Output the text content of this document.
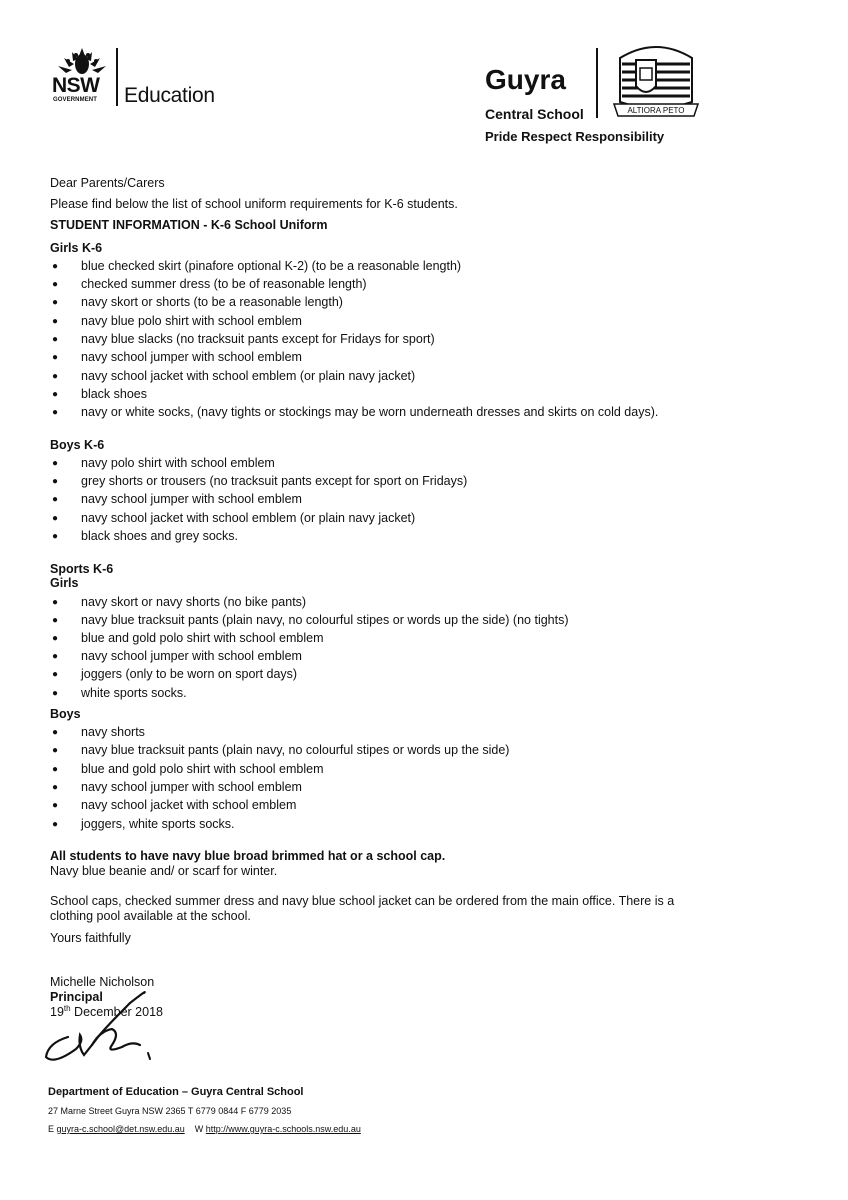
NSW
GOVERNMENT Education
Guyra
Central School	ALTIORA PETO
Pride Respect Responsibility
Dear Parents/Carers
Please find below the list of school uniform requirements for K-6 students.
STUDENT INFORMATION - K-6 School Uniform
Girls K-6
● blue checked skirt (pinafore optional K-2) (to be a reasonable length)
● checked summer dress (to be of reasonable length)
● navy skort or shorts (to be a reasonable length)
● navy blue polo shirt with school emblem
● navy blue slacks (no tracksuit pants except for Fridays for sport)
● navy school jumper with school emblem
● navy school jacket with school emblem (or plain navy jacket)
● black shoes
● navy or white socks, (navy tights or stockings may be worn underneath dresses and skirts on cold days).
Boys K-6
● navy polo shirt with school emblem
● grey shorts or trousers (no tracksuit pants except for sport on Fridays)
● navy school jumper with school emblem
● navy school jacket with school emblem (or plain navy jacket)
● black shoes and grey socks.
Sports K-6
Girls
● navy skort or navy shorts (no bike pants)
● navy blue tracksuit pants (plain navy, no colourful stipes or words up the side) (no tights)
● blue and gold polo shirt with school emblem
● navy school jumper with school emblem
● joggers (only to be worn on sport days)
● white sports socks.
Boys
● navy shorts
● navy blue tracksuit pants (plain navy, no colourful stipes or words up the side)
● blue and gold polo shirt with school emblem
● navy school jumper with school emblem
● navy school jacket with school emblem
● joggers, white sports socks.
All students to have navy blue broad brimmed hat or a school cap.
Navy blue beanie and/ or scarf for winter.
School caps, checked summer dress and navy blue school jacket can be ordered from the main office. There is a
clothing pool available at the school.
Yours faithfully
Michelle Nicholson
Principal
19th December 2018
Department of Education – Guyra Central School
27 Marne Street Guyra NSW 2365 T 6779 0844 F 6779 2035
E guyra-c.school@det.nsw.edu.au W http://www.guyra-c.schools.nsw.edu.au
